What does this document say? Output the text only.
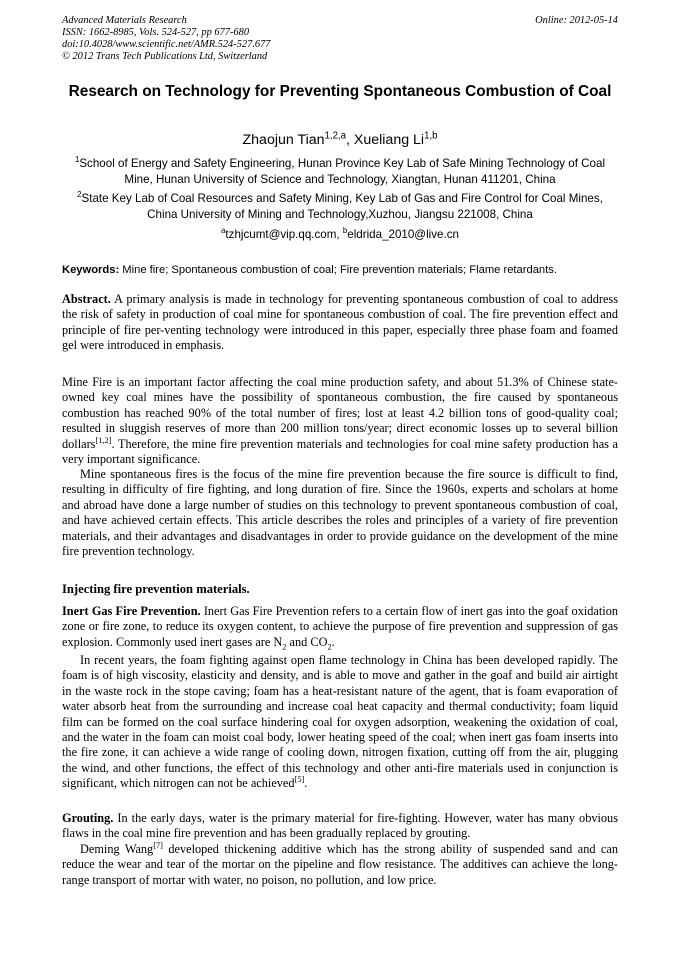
Advanced Materials Research
ISSN: 1662-8985, Vols. 524-527, pp 677-680
doi:10.4028/www.scientific.net/AMR.524-527.677
© 2012 Trans Tech Publications Ltd, Switzerland
Online: 2012-05-14
Research on Technology for Preventing Spontaneous Combustion of Coal
Zhaojun Tian$^{1,2,a}$, Xueliang Li$^{1,b}$
$^1$School of Energy and Safety Engineering, Hunan Province Key Lab of Safe Mining Technology of Coal Mine, Hunan University of Science and Technology, Xiangtan, Hunan 411201, China
$^2$State Key Lab of Coal Resources and Safety Mining, Key Lab of Gas and Fire Control for Coal Mines, China University of Mining and Technology,Xuzhou, Jiangsu 221008, China
$^a$tzhjcumt@vip.qq.com, $^b$eldrida_2010@live.cn
Keywords: Mine fire; Spontaneous combustion of coal; Fire prevention materials; Flame retardants.

Abstract. A primary analysis is made in technology for preventing spontaneous combustion of coal to address the risk of safety in production of coal mine for spontaneous combustion of coal. The fire prevention effect and principle of fire per-venting technology were introduced in this paper, especially three phase foam and foamed gel were introduced in emphasis.

Mine Fire is an important factor affecting the coal mine production safety, and about 51.3% of Chinese state-owned key coal mines have the possibility of spontaneous combustion, the fire caused by spontaneous combustion has reached 90% of the total number of fires; lost at least 4.2 billion tons of good-quality coal; resulted in sluggish reserves of more than 200 million tons/year; direct economic losses up to several billion dollars[1,2]. Therefore, the mine fire prevention materials and technologies for coal mine safety production has a very important significance.

Mine spontaneous fires is the focus of the mine fire prevention because the fire source is difficult to find, resulting in difficulty of fire fighting, and long duration of fire. Since the 1960s, experts and scholars at home and abroad have done a large number of studies on this technology to prevent spontaneous combustion of coal, and have achieved certain effects. This article describes the roles and principles of a variety of fire prevention materials, and their advantages and disadvantages in order to provide guidance on the development of the mine fire prevention technology.

Injecting fire prevention materials.

Inert Gas Fire Prevention. Inert Gas Fire Prevention refers to a certain flow of inert gas into the goaf oxidation zone or fire zone, to reduce its oxygen content, to achieve the purpose of fire prevention and suppression of gas explosion. Commonly used inert gases are $N_2$ and $CO_2$.

In recent years, the foam fighting against open flame technology in China has been developed rapidly. The foam is of high viscosity, elasticity and density, and is able to move and gather in the goaf and build air airtight in the waste rock in the stope caving; foam has a heat-resistant nature of the agent, that is foam evaporation of water absorb heat from the surrounding and increase coal heat capacity and thermal conductivity; foam liquid film can be formed on the coal surface hindering coal for oxygen adsorption, weakening the oxidation of coal, and the water in the foam can moist coal body, lower heating speed of the coal; when inert gas foam inserts into the fire zone, it can achieve a wide range of cooling down, nitrogen fixation, cutting off from the air, plugging the wind, and other functions, the effect of this technology and other anti-fire materials used in conjunction is significant, which nitrogen can not be achieved[5].

Grouting. In the early days, water is the primary material for fire-fighting. However, water has many obvious flaws in the coal mine fire prevention and has been gradually replaced by grouting.

Deming Wang[7] developed thickening additive which has the strong ability of suspended sand and can reduce the wear and tear of the mortar on the pipeline and flow resistance. The additives can achieve the long-range transport of mortar with water, no poison, no pollution, and low price.
